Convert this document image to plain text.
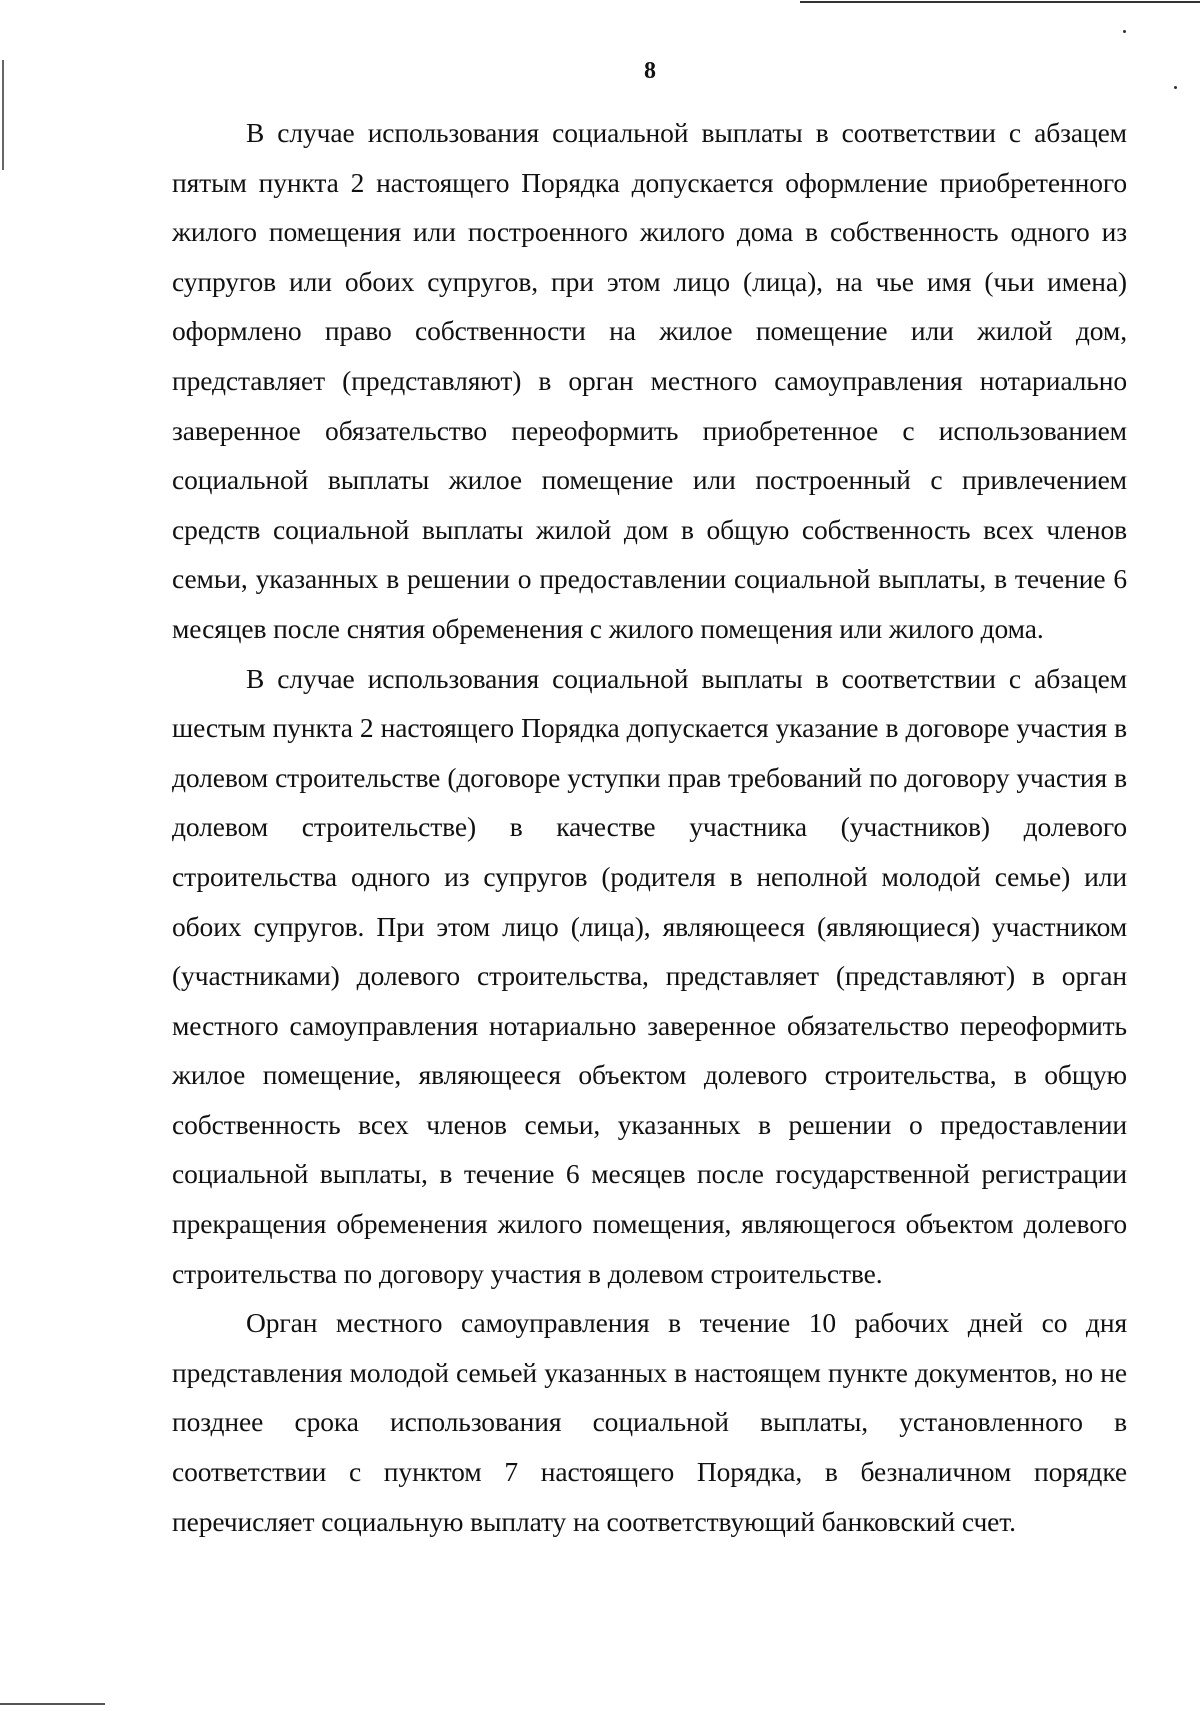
8

В случае использования социальной выплаты в соответствии с абзацем пятым пункта 2 настоящего Порядка допускается оформление приобретенного жилого помещения или построенного жилого дома в собственность одного из супругов или обоих супругов, при этом лицо (лица), на чье имя (чьи имена) оформлено право собственности на жилое помещение или жилой дом, представляет (представляют) в орган местного самоуправления нотариально заверенное обязательство переоформить приобретенное с использованием социальной выплаты жилое помещение или построенный с привлечением средств социальной выплаты жилой дом в общую собственность всех членов семьи, указанных в решении о предоставлении социальной выплаты, в течение 6 месяцев после снятия обременения с жилого помещения или жилого дома.

В случае использования социальной выплаты в соответствии с абзацем шестым пункта 2 настоящего Порядка допускается указание в договоре участия в долевом строительстве (договоре уступки прав требований по договору участия в долевом строительстве) в качестве участника (участников) долевого строительства одного из супругов (родителя в неполной молодой семье) или обоих супругов. При этом лицо (лица), являющееся (являющиеся) участником (участниками) долевого строительства, представляет (представляют) в орган местного самоуправления нотариально заверенное обязательство переоформить жилое помещение, являющееся объектом долевого строительства, в общую собственность всех членов семьи, указанных в решении о предоставлении социальной выплаты, в течение 6 месяцев после государственной регистрации прекращения обременения жилого помещения, являющегося объектом долевого строительства по договору участия в долевом строительстве.

Орган местного самоуправления в течение 10 рабочих дней со дня представления молодой семьей указанных в настоящем пункте документов, но не позднее срока использования социальной выплаты, установленного в соответствии с пунктом 7 настоящего Порядка, в безналичном порядке перечисляет социальную выплату на соответствующий банковский счет.
